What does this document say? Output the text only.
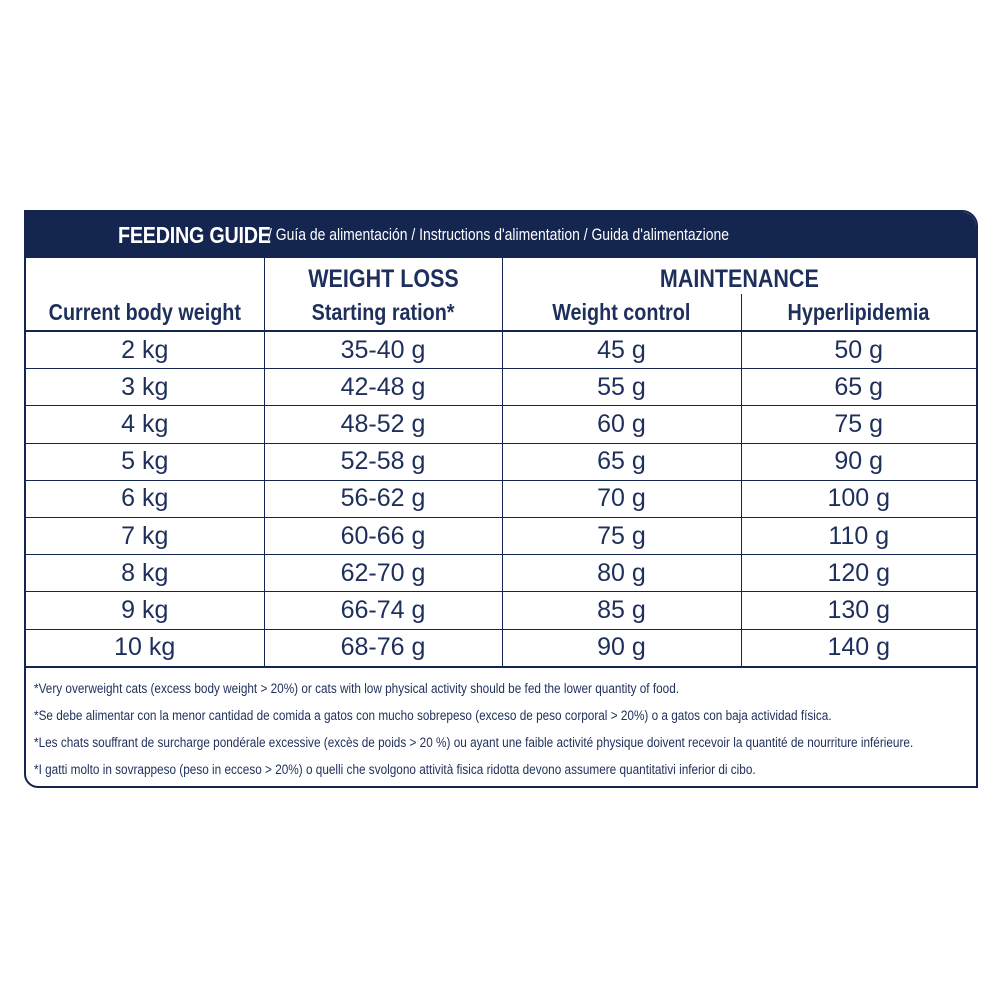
FEEDING GUIDE
/ Guía de alimentación / Instructions d'alimentation / Guida d'alimentazione
	WEIGHT LOSS	MAINTENANCE	
Current body weight	Starting ration*	Weight control	Hyperlipidemia
2 kg	35-40 g	45 g	50 g
3 kg	42-48 g	55 g	65 g
4 kg	48-52 g	60 g	75 g
5 kg	52-58 g	65 g	90 g
6 kg	56-62 g	70 g	100 g
7 kg	60-66 g	75 g	110 g
8 kg	62-70 g	80 g	120 g
9 kg	66-74 g	85 g	130 g
10 kg	68-76 g	90 g	140 g
*Very overweight cats (excess body weight > 20%) or cats with low physical activity should be fed the lower quantity of food.
*Se debe alimentar con la menor cantidad de comida a gatos con mucho sobrepeso (exceso de peso corporal > 20%) o a gatos con baja actividad física.
*Les chats souffrant de surcharge pondérale excessive (excès de poids > 20 %) ou ayant une faible activité physique doivent recevoir la quantité de nourriture inférieure.
*I gatti molto in sovrappeso (peso in ecceso > 20%) o quelli che svolgono attività fisica ridotta devono assumere quantitativi inferior di cibo.
